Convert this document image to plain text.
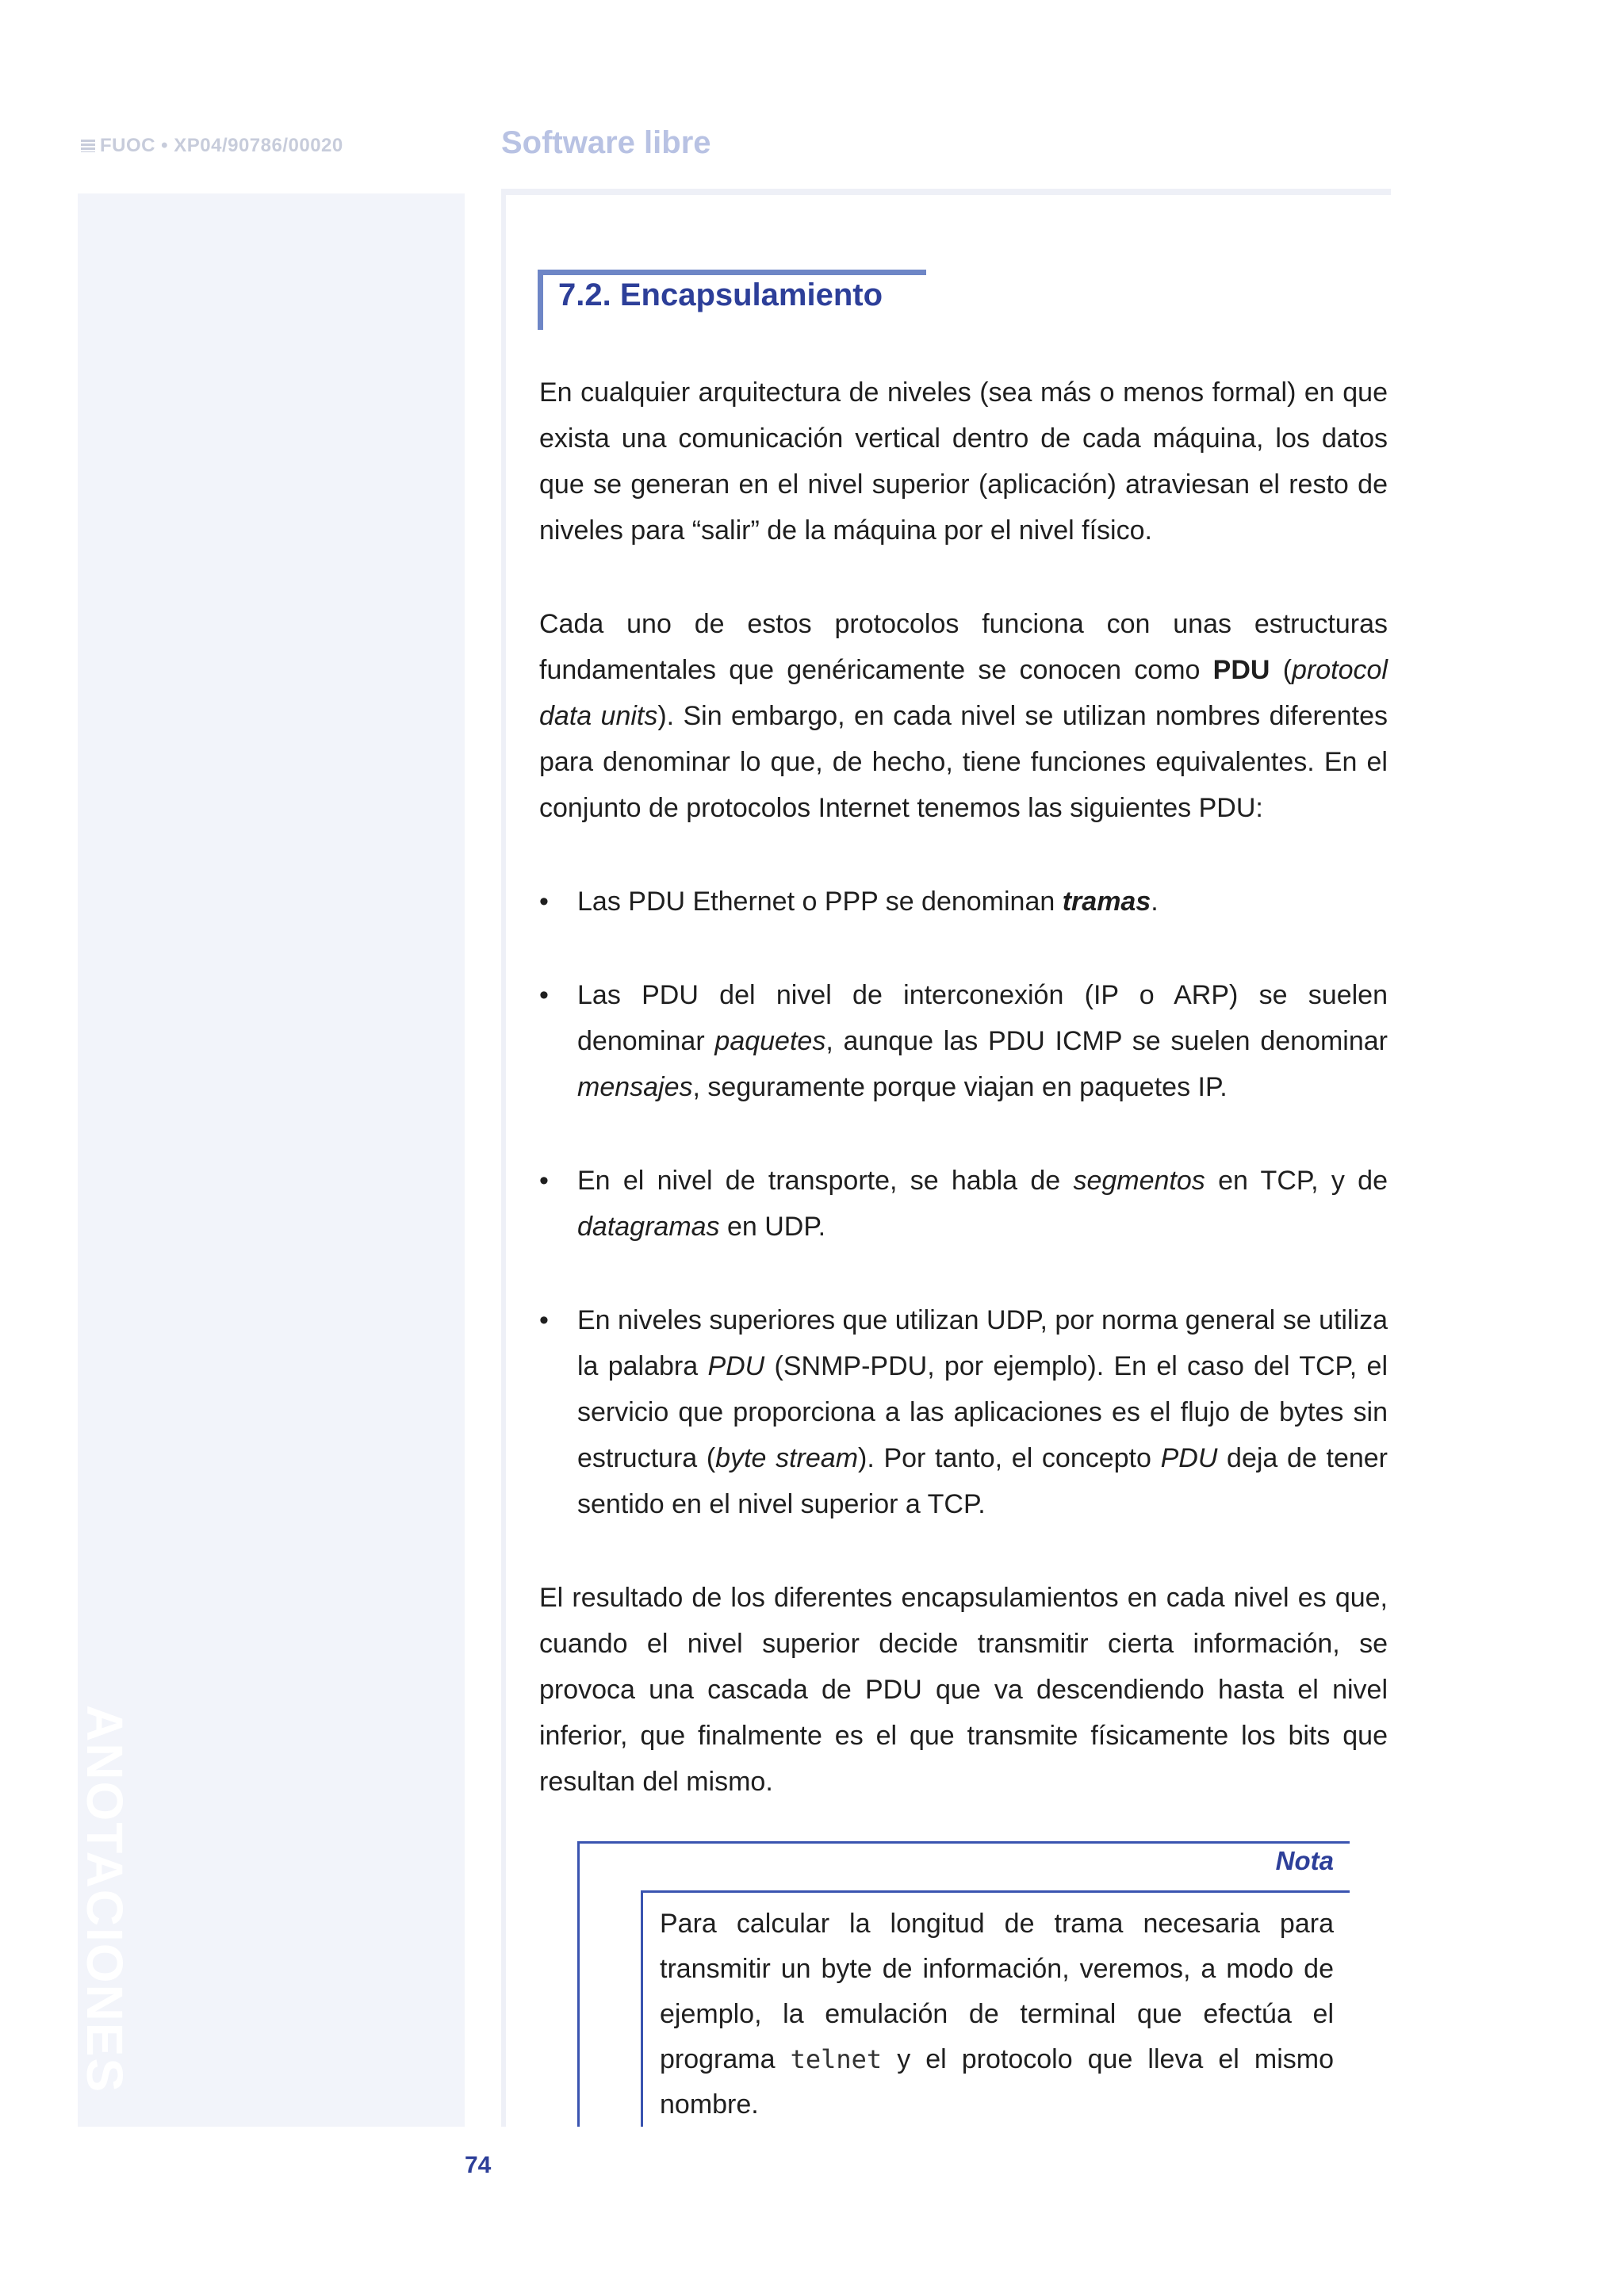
FUOC • XP04/90786/00020	Software libre
ANOTACIONES
7.2. Encapsulamiento

En cualquier arquitectura de niveles (sea más o menos formal) en que exista una comunicación vertical dentro de cada máquina, los datos que se generan en el nivel superior (aplicación) atraviesan el resto de niveles para “salir” de la máquina por el nivel físico.

Cada uno de estos protocolos funciona con unas estructuras fundamentales que genéricamente se conocen como PDU (protocol data units). Sin embargo, en cada nivel se utilizan nombres diferentes para denominar lo que, de hecho, tiene funciones equivalentes. En el conjunto de protocolos Internet tenemos las siguientes PDU:

• Las PDU Ethernet o PPP se denominan tramas.
• Las PDU del nivel de interconexión (IP o ARP) se suelen denominar paquetes, aunque las PDU ICMP se suelen denominar mensajes, seguramente porque viajan en paquetes IP.
• En el nivel de transporte, se habla de segmentos en TCP, y de datagramas en UDP.
• En niveles superiores que utilizan UDP, por norma general se utiliza la palabra PDU (SNMP-PDU, por ejemplo). En el caso del TCP, el servicio que proporciona a las aplicaciones es el flujo de bytes sin estructura (byte stream). Por tanto, el concepto PDU deja de tener sentido en el nivel superior a TCP.

El resultado de los diferentes encapsulamientos en cada nivel es que, cuando el nivel superior decide transmitir cierta información, se provoca una cascada de PDU que va descendiendo hasta el nivel inferior, que finalmente es el que transmite físicamente los bits que resultan del mismo.

Nota
Para calcular la longitud de trama necesaria para transmitir un byte de información, veremos, a modo de ejemplo, la emulación de terminal que efectúa el programa telnet y el protocolo que lleva el mismo nombre.
74
